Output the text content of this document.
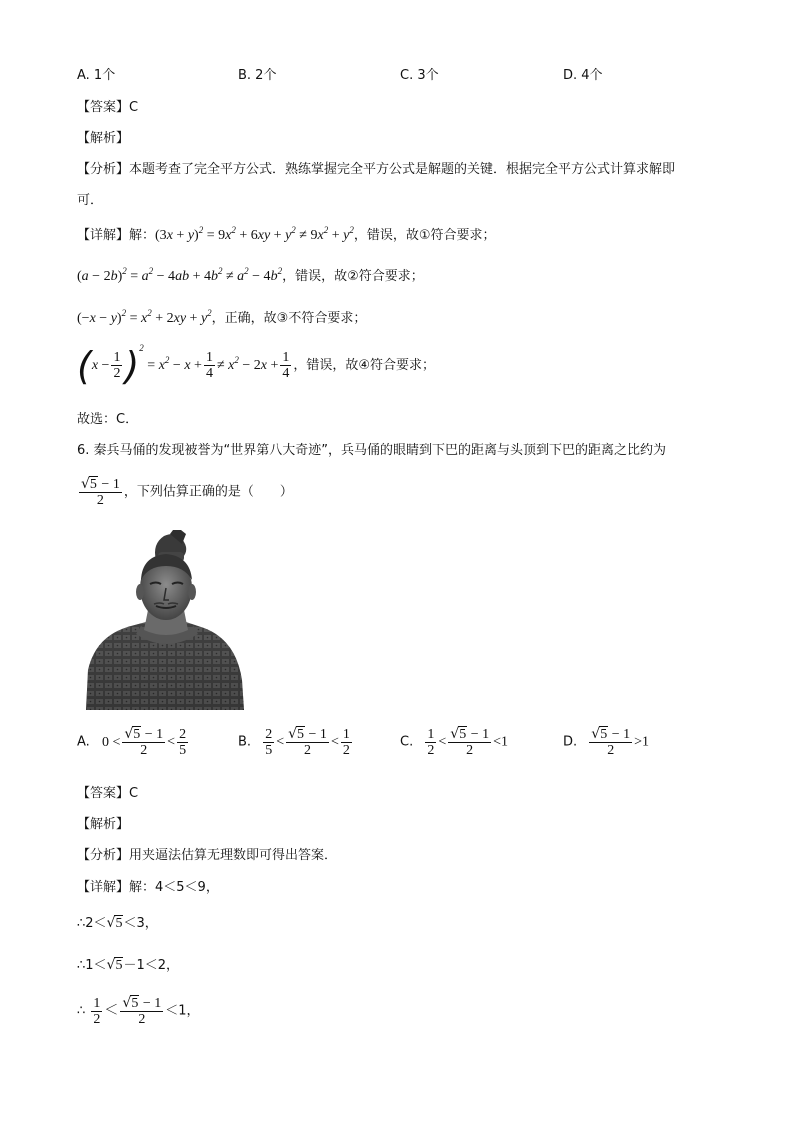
A. 1个	B. 2个	C. 3个	D. 4个
【答案】C
【解析】
【分析】本题考查了完全平方公式．熟练掌握完全平方公式是解题的关键．根据完全平方公式计算求解即
可．
【详解】解：$(3x + y)^2 = 9x^2 + 6xy + y^2 \ne 9x^2 + y^2$，错误，故①符合要求；
$(a - 2b)^2 = a^2 - 4ab + 4b^2 \ne a^2 - 4b^2$，错误，故②符合要求；
$(-x - y)^2 = x^2 + 2xy + y^2$，正确，故③不符合要求；
$(x - \frac{1}{2} )^2 = x^2 - x + \frac{1}{4} \ne x^2 - 2x + \frac{1}{4}$ ，错误，故④符合要求；
故选：C．
6. 秦兵马俑的发现被誉为“世界第八大奇迹”，兵马俑的眼睛到下巴的距离与头顶到下巴的距离之比约为
$\frac{√5 - 1}{2}$ ，下列估算正确的是（　　）
A. $0 < \frac{√5 - 1}{2} < \frac{2}{5}$	B. $\frac{2}{5} < \frac{√5 - 1}{2} < \frac{1}{2}$	C. $\frac{1}{2} < \frac{√5 - 1}{2} <1$	D. $\frac{√5 - 1}{2} >1$
【答案】C
【解析】
【分析】用夹逼法估算无理数即可得出答案．
【详解】解：4＜5＜9，
∴2＜√5＜3，
∴1＜√5－1＜2，
∴ $\frac{1}{2} < \frac{√5 - 1}{2} <1$，
